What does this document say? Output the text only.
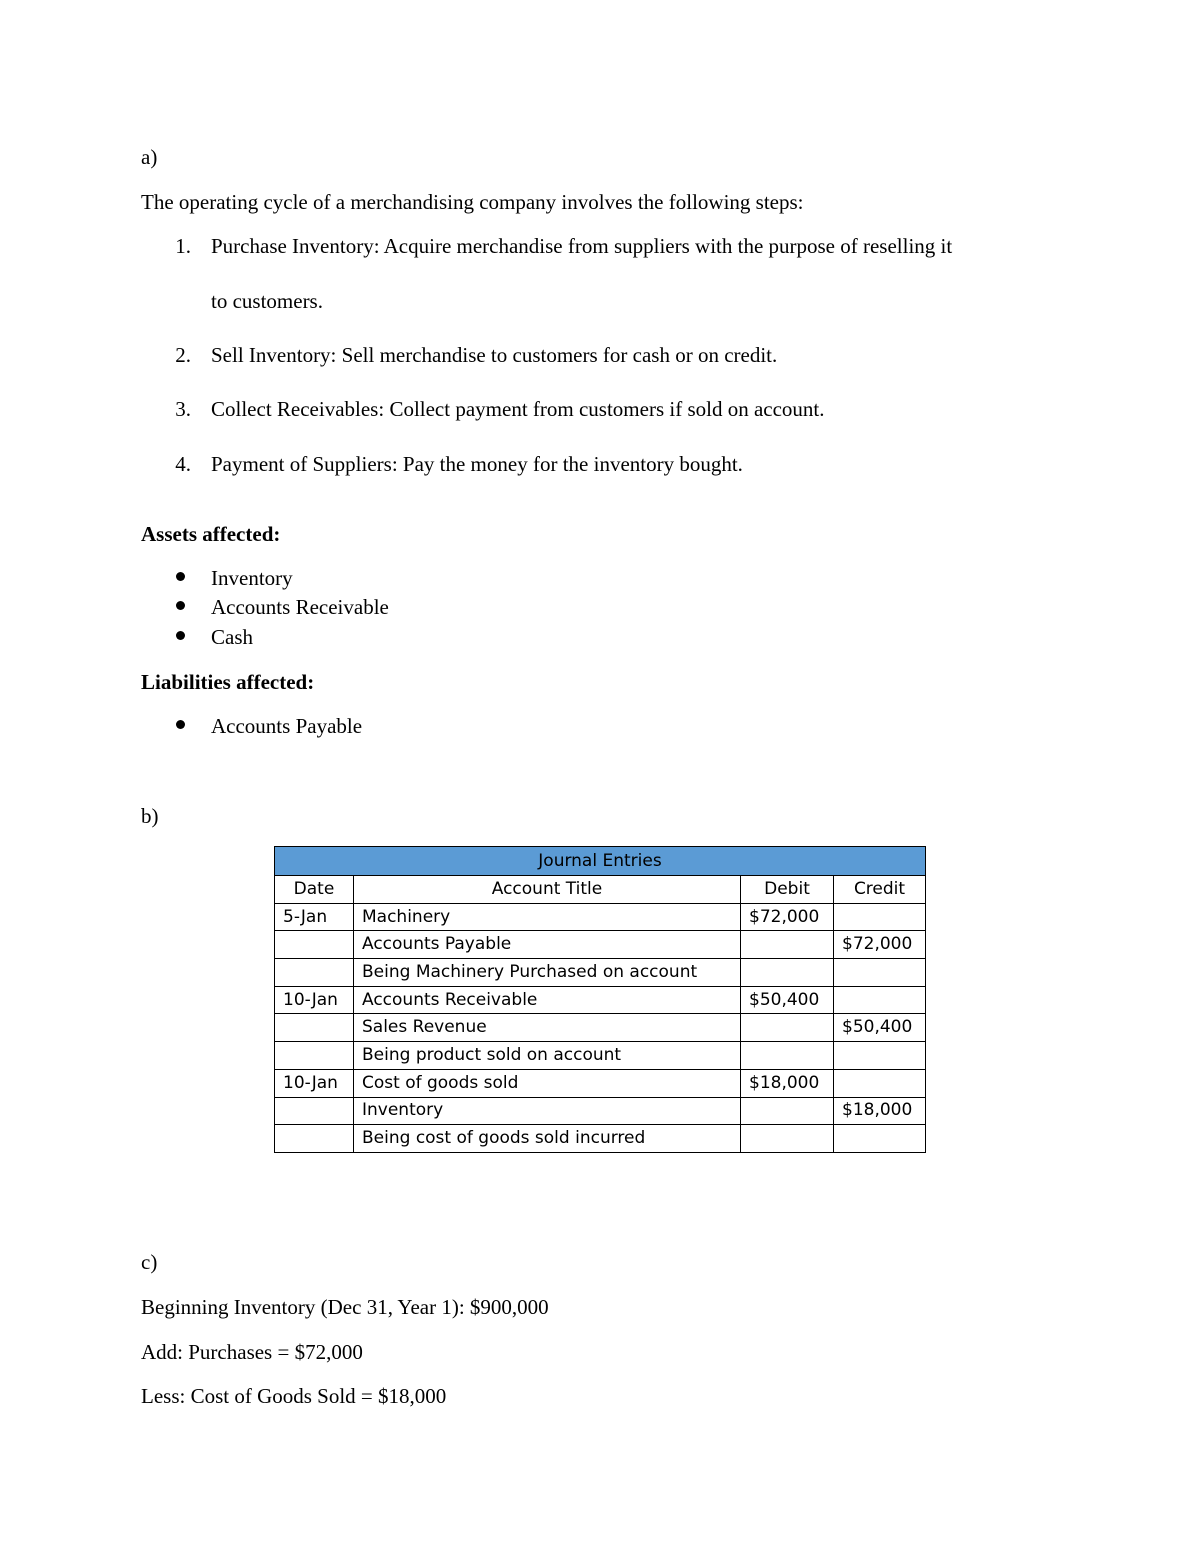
a)
The operating cycle of a merchandising company involves the following steps:
1. Purchase Inventory: Acquire merchandise from suppliers with the purpose of reselling it
to customers.
2. Sell Inventory: Sell merchandise to customers for cash or on credit.
3. Collect Receivables: Collect payment from customers if sold on account.
4. Payment of Suppliers: Pay the money for the inventory bought.
Assets affected:
Inventory
Accounts Receivable
Cash
Liabilities affected:
Accounts Payable
b)
Journal Entries			
Date	Account Title	Debit	Credit
5-Jan	Machinery	$72,000	
	Accounts Payable		$72,000
	Being Machinery Purchased on account		
10-Jan	Accounts Receivable	$50,400	
	Sales Revenue		$50,400
	Being product sold on account		
10-Jan	Cost of goods sold	$18,000	
	Inventory		$18,000
	Being cost of goods sold incurred		
c)
Beginning Inventory (Dec 31, Year 1): $900,000
Add: Purchases = $72,000
Less: Cost of Goods Sold = $18,000
